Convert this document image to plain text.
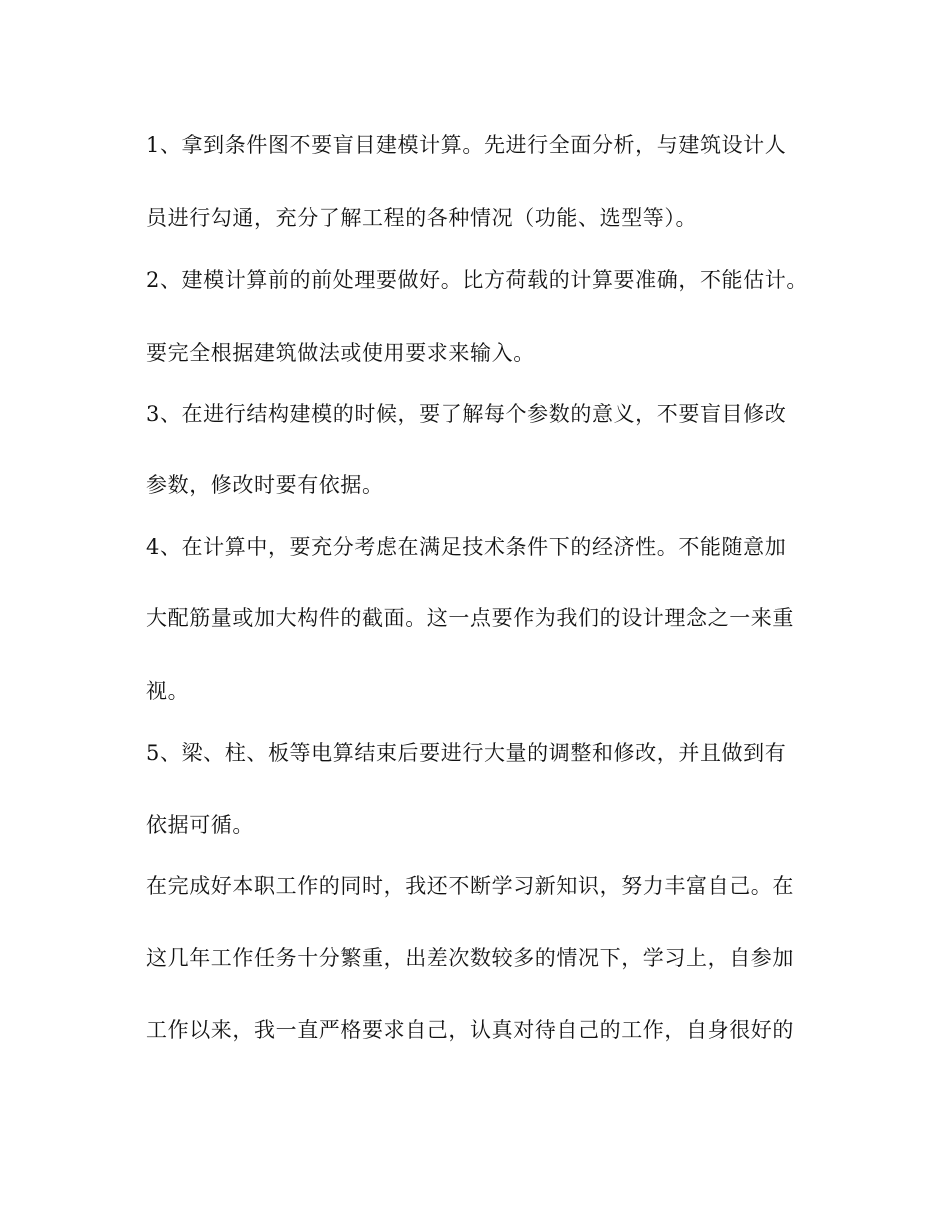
1、拿到条件图不要盲目建模计算。先进行全面分析，与建筑设计人
员进行勾通，充分了解工程的各种情况（功能、选型等）。
2、建模计算前的前处理要做好。比方荷载的计算要准确，不能估计。
要完全根据建筑做法或使用要求来输入。
3、在进行结构建模的时候，要了解每个参数的意义，不要盲目修改
参数，修改时要有依据。
4、在计算中，要充分考虑在满足技术条件下的经济性。不能随意加
大配筋量或加大构件的截面。这一点要作为我们的设计理念之一来重
视。
5、梁、柱、板等电算结束后要进行大量的调整和修改，并且做到有
依据可循。
在完成好本职工作的同时，我还不断学习新知识，努力丰富自己。在
这几年工作任务十分繁重，出差次数较多的情况下，学习上，自参加
工作以来，我一直严格要求自己，认真对待自己的工作，自身很好的
